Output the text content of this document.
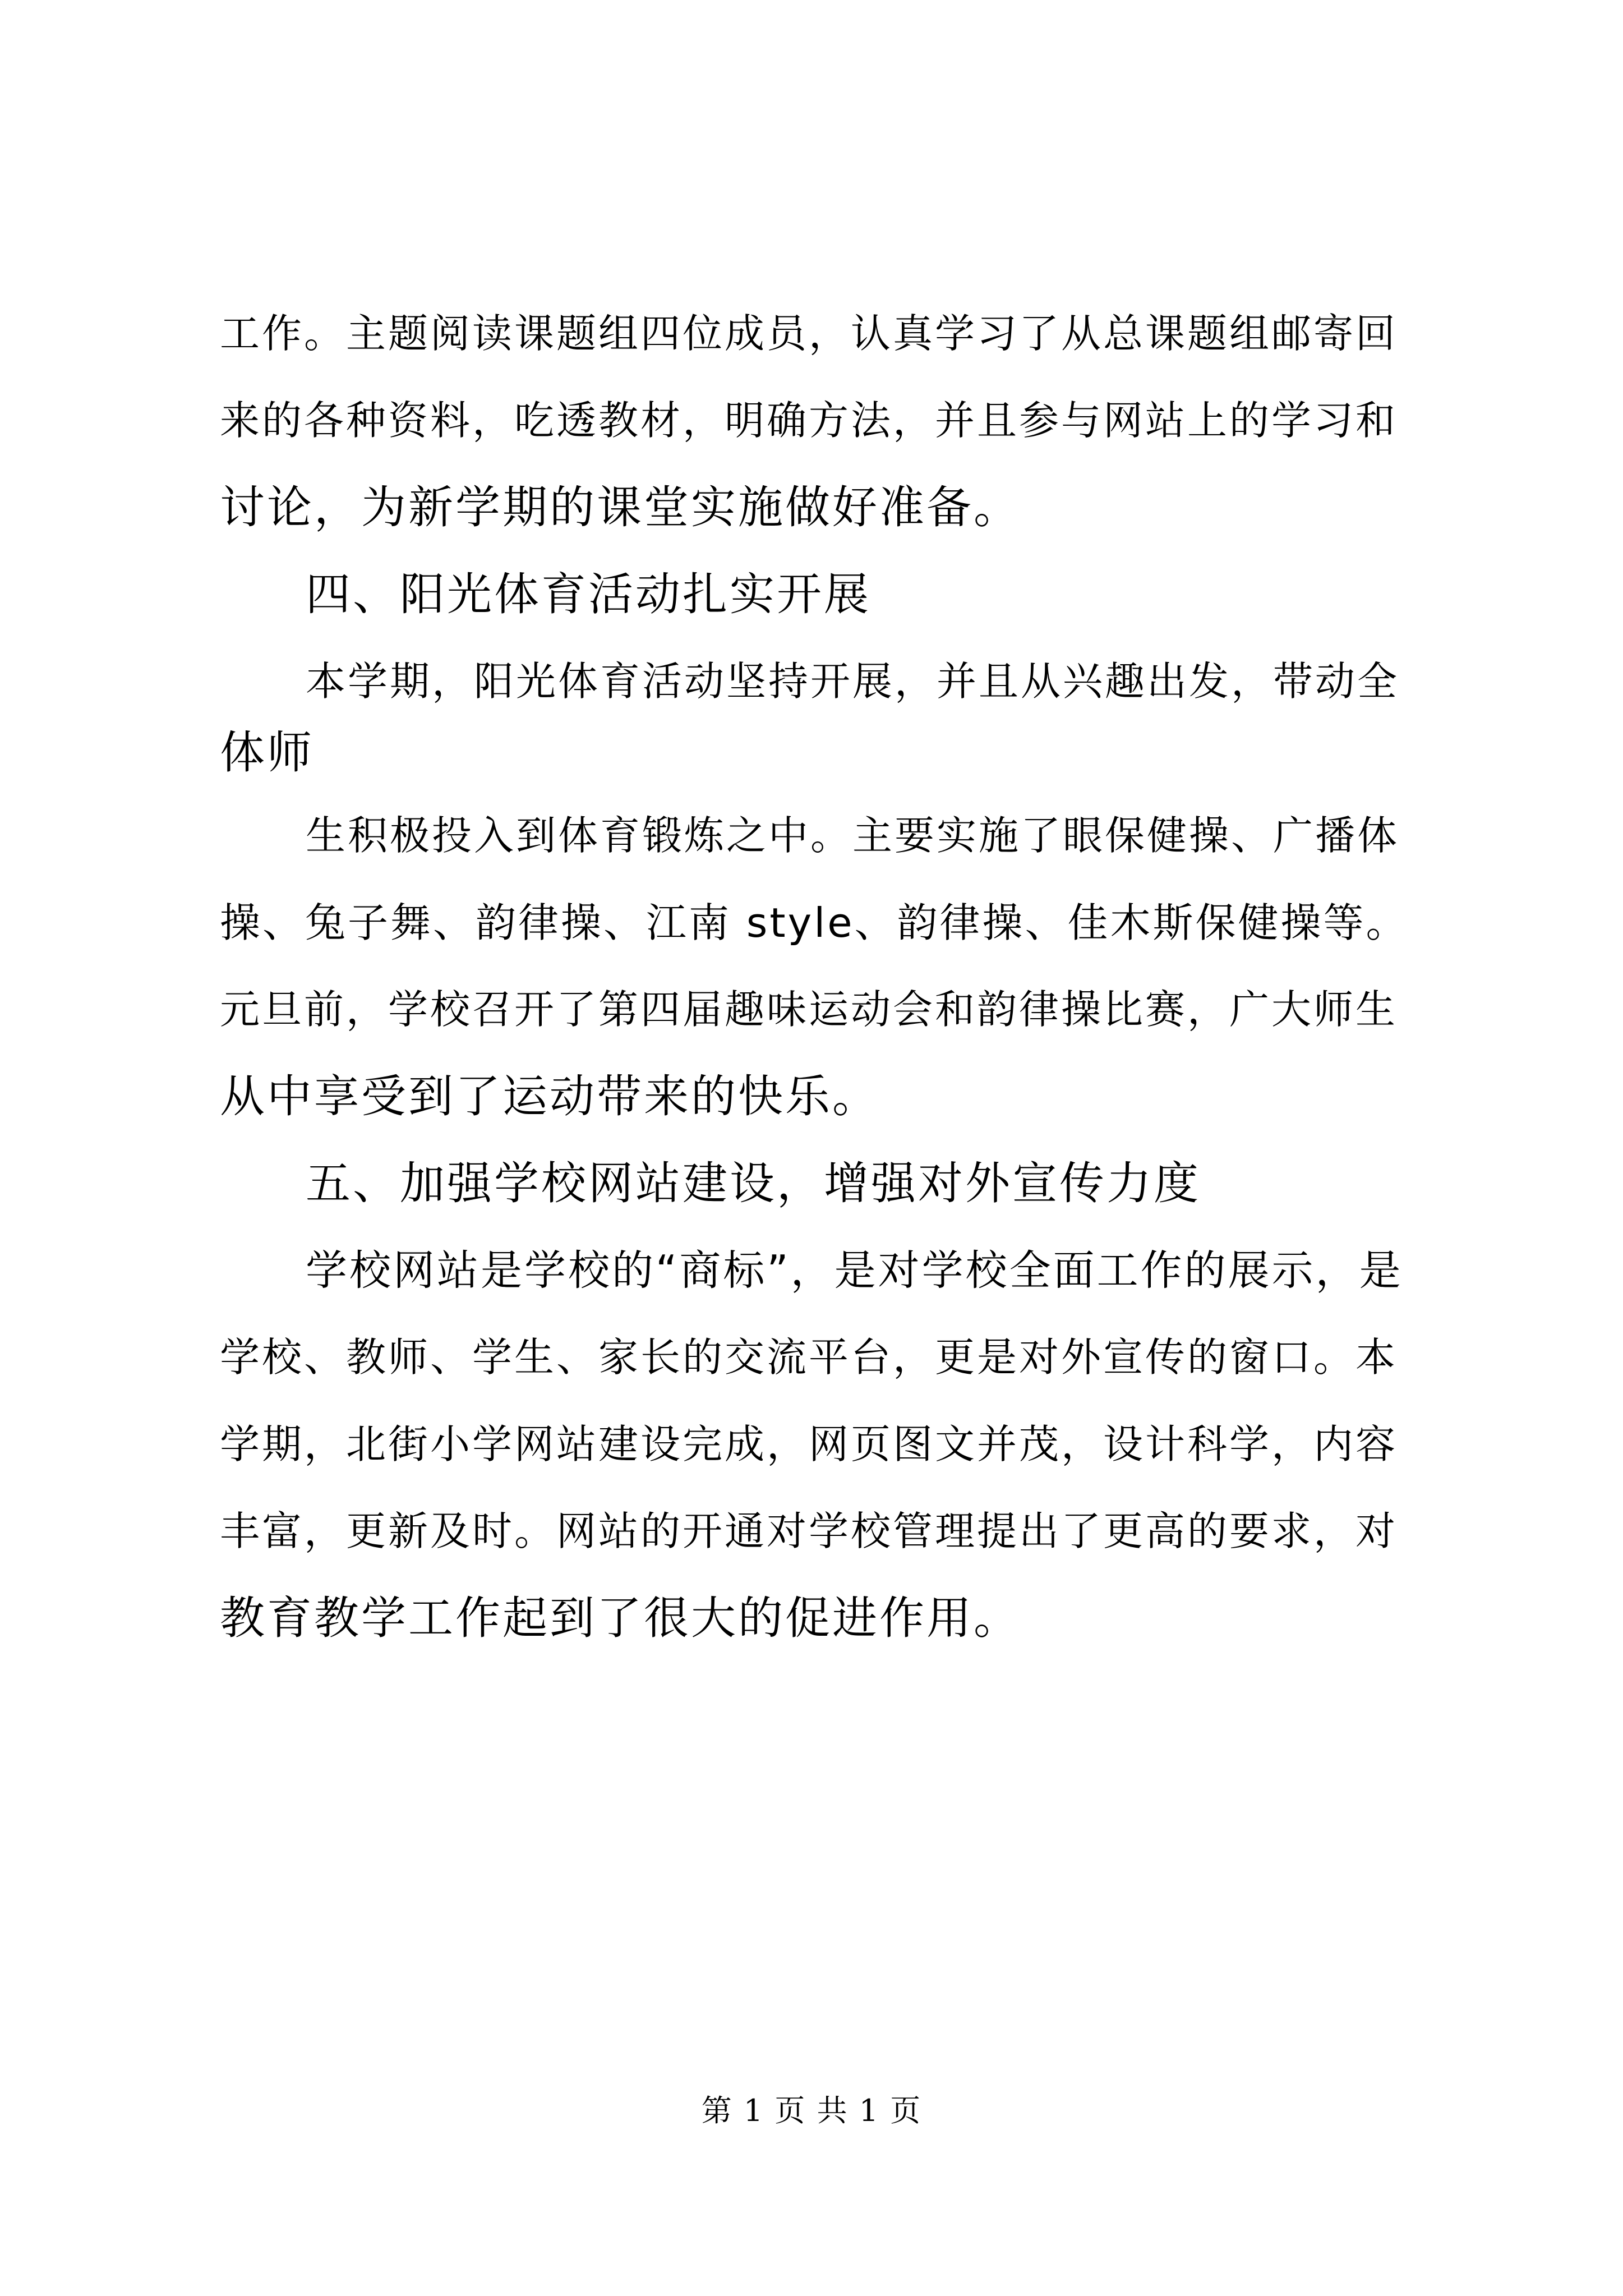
工作。主题阅读课题组四位成员，认真学习了从总课题组邮寄回
来的各种资料，吃透教材，明确方法，并且参与网站上的学习和
讨论，为新学期的课堂实施做好准备。
四、阳光体育活动扎实开展
本学期，阳光体育活动坚持开展，并且从兴趣出发，带动全
体师
生积极投入到体育锻炼之中。主要实施了眼保健操、广播体
操、兔子舞、韵律操、江南 style、韵律操、佳木斯保健操等。
元旦前，学校召开了第四届趣味运动会和韵律操比赛，广大师生
从中享受到了运动带来的快乐。
五、加强学校网站建设，增强对外宣传力度
学校网站是学校的“商标”，是对学校全面工作的展示，是
学校、教师、学生、家长的交流平台，更是对外宣传的窗口。本
学期，北街小学网站建设完成，网页图文并茂，设计科学，内容
丰富，更新及时。网站的开通对学校管理提出了更高的要求，对
教育教学工作起到了很大的促进作用。
第 1 页 共 1 页
